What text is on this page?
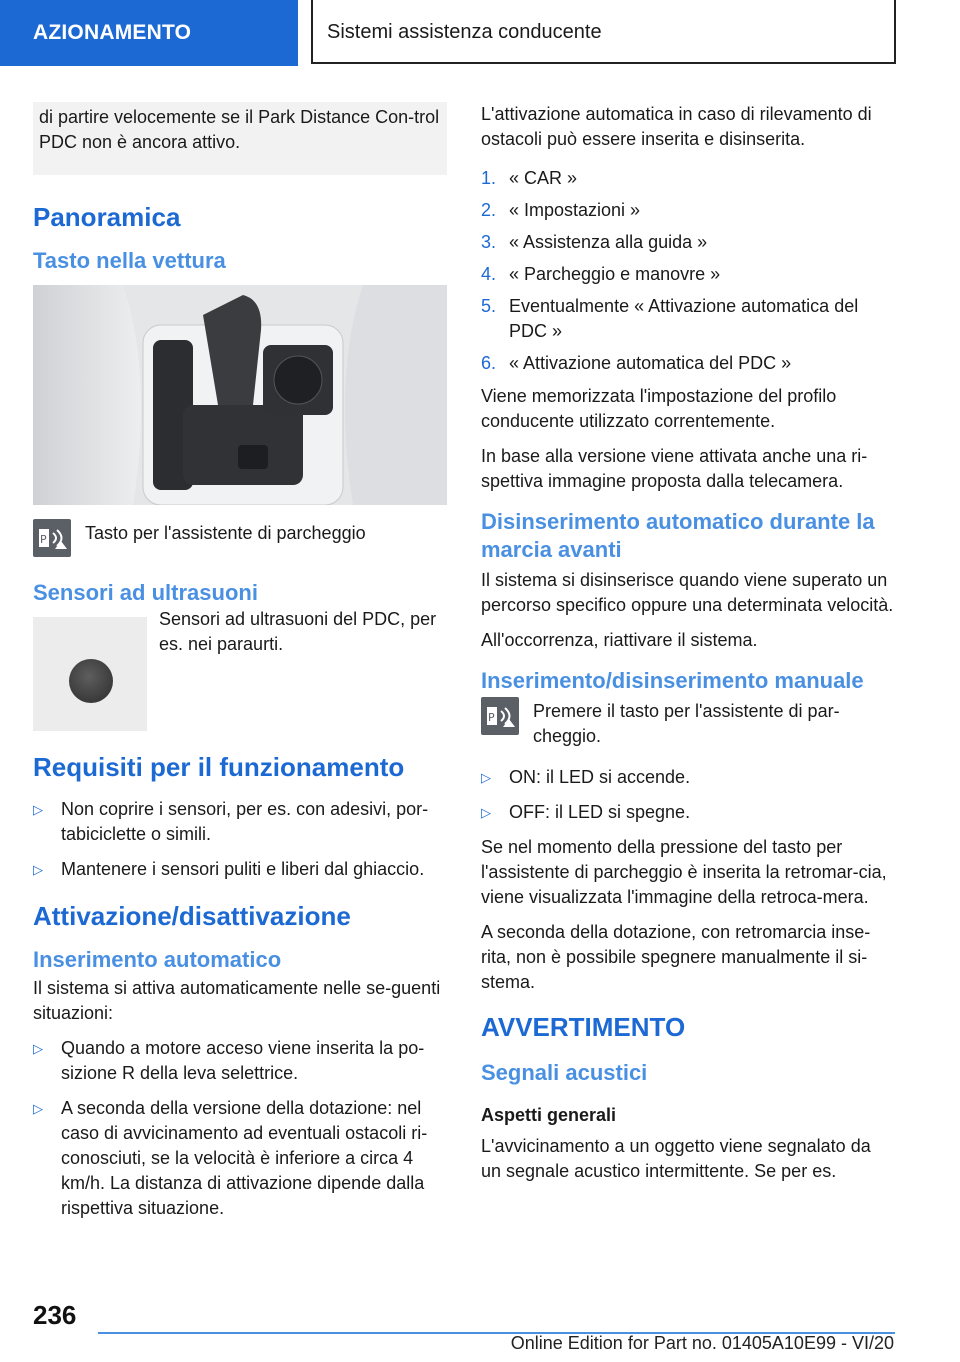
AZIONAMENTO	Sistemi assistenza conducente
di partire velocemente se il Park Distance Con-trol PDC non è ancora attivo.
Panoramica
Tasto nella vettura
P Tasto per l'assistente di parcheggio
Sensori ad ultrasuoni
Sensori ad ultrasuoni del PDC, per es. nei paraurti.
Requisiti per il funzionamento
▷ Non coprire i sensori, per es. con adesivi, por-tabiciclette o simili.
▷ Mantenere i sensori puliti e liberi dal ghiaccio.
Attivazione/disattivazione
Inserimento automatico

Il sistema si attiva automaticamente nelle se-guenti situazioni:

▷ Quando a motore acceso viene inserita la po-sizione R della leva selettrice.
▷ A seconda della versione della dotazione: nel caso di avvicinamento ad eventuali ostacoli ri-conosciuti, se la velocità è inferiore a circa 4 km/h. La distanza di attivazione dipende dalla rispettiva situazione.

L'attivazione automatica in caso di rilevamento di ostacoli può essere inserita e disinserita.

1. « CAR »
2. « Impostazioni »
3. « Assistenza alla guida »
4. « Parcheggio e manovre »
5. Eventualmente « Attivazione automatica del PDC »
6. « Attivazione automatica del PDC »

Viene memorizzata l'impostazione del profilo conducente utilizzato correntemente.

In base alla versione viene attivata anche una ri-spettiva immagine proposta dalla telecamera.

Disinserimento automatico durante la marcia avanti

Il sistema si disinserisce quando viene superato un percorso specifico oppure una determinata velocità.

All'occorrenza, riattivare il sistema.

Inserimento/disinserimento manuale
P Premere il tasto per l'assistente di par-cheggio.
▷ ON: il LED si accende.
▷ OFF: il LED si spegne.

Se nel momento della pressione del tasto per l'assistente di parcheggio è inserita la retromar-cia, viene visualizzata l'immagine della retroca-mera.

A seconda della dotazione, con retromarcia inse-rita, non è possibile spegnere manualmente il si-stema.

AVVERTIMENTO
Segnali acustici
Aspetti generali

L'avvicinamento a un oggetto viene segnalato da un segnale acustico intermittente. Se per es.

236
Online Edition for Part no. 01405A10E99 - VI/20
